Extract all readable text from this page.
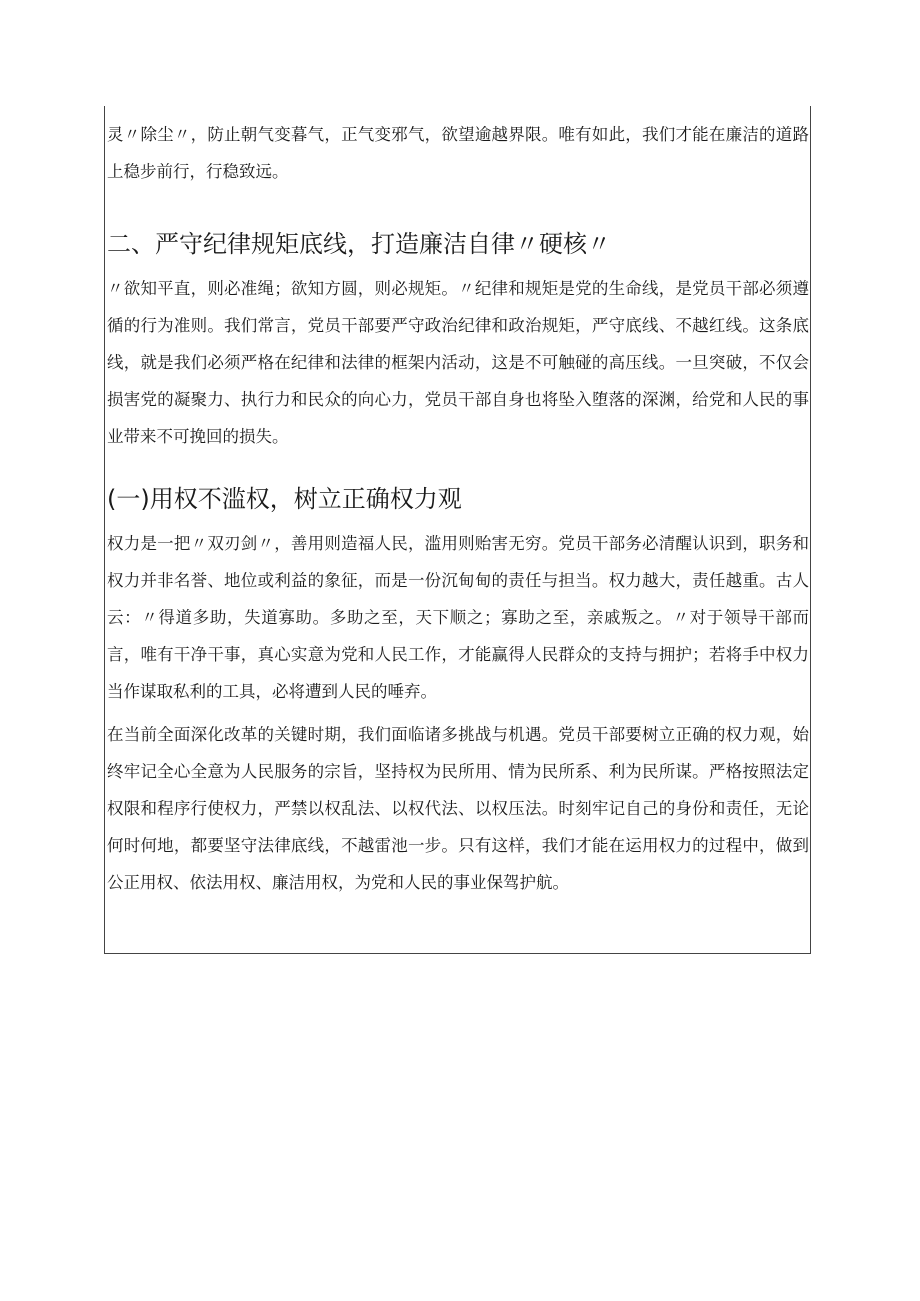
灵〃除尘〃，防止朝气变暮气，正气变邪气，欲望逾越界限。唯有如此，我们才能在廉洁的道路上稳步前行，行稳致远。

二、严守纪律规矩底线，打造廉洁自律〃硬核〃

〃欲知平直，则必准绳；欲知方圆，则必规矩。〃纪律和规矩是党的生命线，是党员干部必须遵循的行为准则。我们常言，党员干部要严守政治纪律和政治规矩，严守底线、不越红线。这条底线，就是我们必须严格在纪律和法律的框架内活动，这是不可触碰的高压线。一旦突破，不仅会损害党的凝聚力、执行力和民众的向心力，党员干部自身也将坠入堕落的深渊，给党和人民的事业带来不可挽回的损失。

(一)用权不滥权，树立正确权力观

权力是一把〃双刃剑〃，善用则造福人民，滥用则贻害无穷。党员干部务必清醒认识到，职务和权力并非名誉、地位或利益的象征，而是一份沉甸甸的责任与担当。权力越大，责任越重。古人云：〃得道多助，失道寡助。多助之至，天下顺之；寡助之至，亲戚叛之。〃对于领导干部而言，唯有干净干事，真心实意为党和人民工作，才能赢得人民群众的支持与拥护；若将手中权力当作谋取私利的工具，必将遭到人民的唾弃。

在当前全面深化改革的关键时期，我们面临诸多挑战与机遇。党员干部要树立正确的权力观，始终牢记全心全意为人民服务的宗旨，坚持权为民所用、情为民所系、利为民所谋。严格按照法定权限和程序行使权力，严禁以权乱法、以权代法、以权压法。时刻牢记自己的身份和责任，无论何时何地，都要坚守法律底线，不越雷池一步。只有这样，我们才能在运用权力的过程中，做到公正用权、依法用权、廉洁用权，为党和人民的事业保驾护航。
